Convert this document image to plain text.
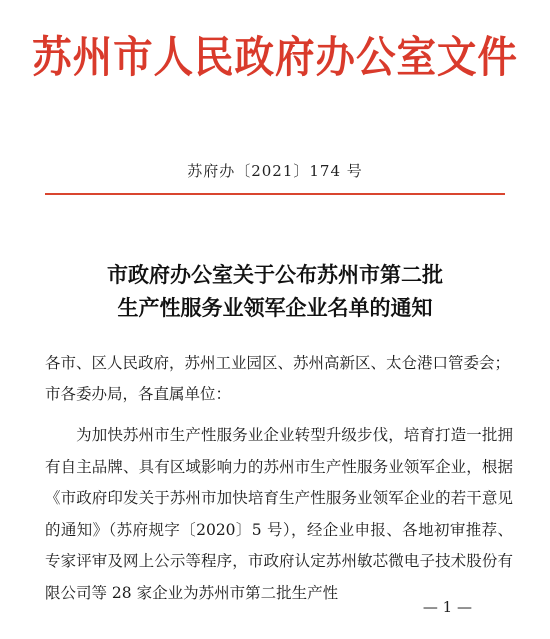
苏州市人民政府办公室文件
苏府办〔2021〕174 号
市政府办公室关于公布苏州市第二批
生产性服务业领军企业名单的通知
各市、区人民政府，苏州工业园区、苏州高新区、太仓港口管委会；市各委办局，各直属单位：
为加快苏州市生产性服务业企业转型升级步伐，培育打造一批拥有自主品牌、具有区域影响力的苏州市生产性服务业领军企业，根据《市政府印发关于苏州市加快培育生产性服务业领军企业的若干意见的通知》（苏府规字〔2020〕5 号），经企业申报、各地初审推荐、专家评审及网上公示等程序，市政府认定苏州敏芯微电子技术股份有限公司等 28 家企业为苏州市第二批生产性
— 1 —
